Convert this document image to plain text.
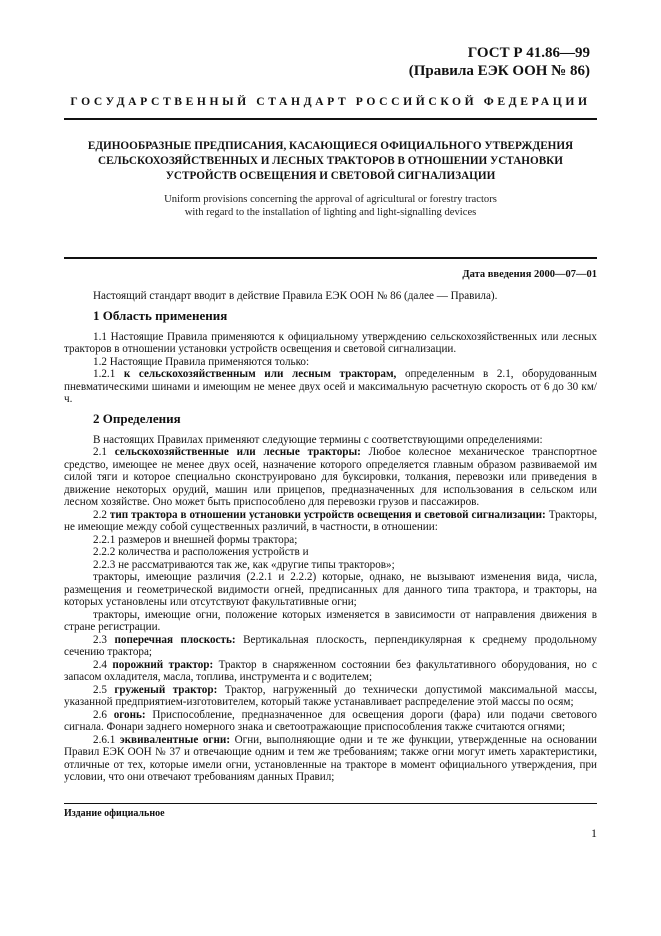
ГОСТ Р 41.86—99
(Правила ЕЭК ООН № 86)
ГОСУДАРСТВЕННЫЙ СТАНДАРТ РОССИЙСКОЙ ФЕДЕРАЦИИ
ЕДИНООБРАЗНЫЕ ПРЕДПИСАНИЯ, КАСАЮЩИЕСЯ ОФИЦИАЛЬНОГО УТВЕРЖДЕНИЯ
СЕЛЬСКОХОЗЯЙСТВЕННЫХ И ЛЕСНЫХ ТРАКТОРОВ В ОТНОШЕНИИ УСТАНОВКИ
УСТРОЙСТВ ОСВЕЩЕНИЯ И СВЕТОВОЙ СИГНАЛИЗАЦИИ
Uniform provisions concerning the approval of agricultural or forestry tractors
with regard to the installation of lighting and light-signalling devices
Дата введения 2000—07—01

Настоящий стандарт вводит в действие Правила ЕЭК ООН № 86 (далее — Правила).

1 Область применения

1.1 Настоящие Правила применяются к официальному утверждению сельскохозяйственных или лесных тракторов в отношении установки устройств освещения и световой сигнализации.

1.2 Настоящие Правила применяются только:

1.2.1 к сельскохозяйственным или лесным тракторам, определенным в 2.1, оборудованным пневматическими шинами и имеющим не менее двух осей и максимальную расчетную скорость от 6 до 30 км/ч.

2 Определения

В настоящих Правилах применяют следующие термины с соответствующими определениями:

2.1 сельскохозяйственные или лесные тракторы: Любое колесное механическое транспортное средство, имеющее не менее двух осей, назначение которого определяется главным образом развиваемой им силой тяги и которое специально сконструировано для буксировки, толкания, перевозки или приведения в движение некоторых орудий, машин или прицепов, предназначенных для использования в сельском или лесном хозяйстве. Оно может быть приспособлено для перевозки грузов и пассажиров.

2.2 тип трактора в отношении установки устройств освещения и световой сигнализации: Тракторы, не имеющие между собой существенных различий, в частности, в отношении:

2.2.1 размеров и внешней формы трактора;

2.2.2 количества и расположения устройств и

2.2.3 не рассматриваются так же, как «другие типы тракторов»;

тракторы, имеющие различия (2.2.1 и 2.2.2) которые, однако, не вызывают изменения вида, числа, размещения и геометрической видимости огней, предписанных для данного типа трактора, и тракторы, на которых установлены или отсутствуют факультативные огни;

тракторы, имеющие огни, положение которых изменяется в зависимости от направления движения в стране регистрации.

2.3 поперечная плоскость: Вертикальная плоскость, перпендикулярная к среднему продольному сечению трактора;

2.4 порожний трактор: Трактор в снаряженном состоянии без факультативного оборудования, но с запасом охладителя, масла, топлива, инструмента и с водителем;

2.5 груженый трактор: Трактор, нагруженный до технически допустимой максимальной массы, указанной предприятием-изготовителем, который также устанавливает распределение этой массы по осям;

2.6 огонь: Приспособление, предназначенное для освещения дороги (фара) или подачи светового сигнала. Фонари заднего номерного знака и светоотражающие приспособления также считаются огнями;

2.6.1 эквивалентные огни: Огни, выполняющие одни и те же функции, утвержденные на основании Правил ЕЭК ООН № 37 и отвечающие одним и тем же требованиям; также огни могут иметь характеристики, отличные от тех, которые имели огни, установленные на тракторе в момент официального утверждения, при условии, что они отвечают требованиям данных Правил;

Издание официальное
1
